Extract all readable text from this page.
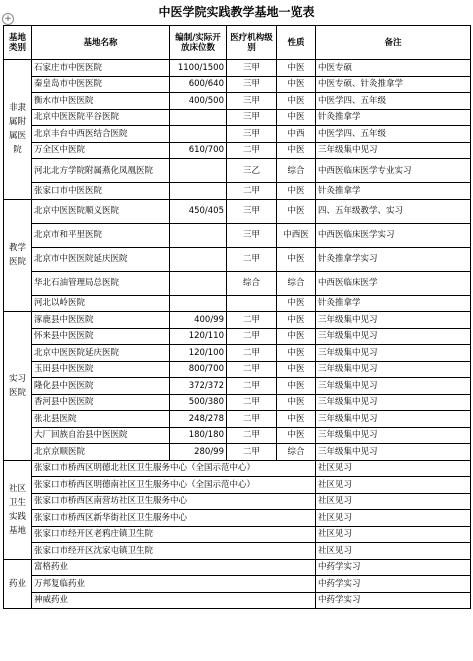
中医学院实践教学基地一览表
+
基地类别	基地名称	编制/实际开放床位数	医疗机构级别	性质	备注
非隶属附属医院	石家庄市中医医院	1100/1500	三甲	中医	中医专硕
	秦皇岛市中医医院	600/640	三甲	中医	中医专硕、针灸推拿学
	衡水市中医医院	400/500	三甲	中医	中医学四、五年级
	北京中医医院平谷医院		三甲	中医	针灸推拿学
	北京丰台中西医结合医院		三甲	中西	中医学四、五年级
	万全区中医院	610/700	二甲	中医	三年级集中见习
	河北北方学院附属燕化凤凰医院		三乙	综合	中西医临床医学专业实习
	张家口市中医医院		二甲	中医	针灸推拿学
教学医院	北京中医医院顺义医院	450/405	三甲	中医	四、五年级教学、实习
	北京市和平里医院		三甲	中西医	中西医临床医学实习
	北京市中医医院延庆医院		二甲	中医	针灸推拿学实习
	华北石油管理局总医院		综合	综合	中西医临床医学
	河北以岭医院			中医	针灸推拿学
实习医院	涿鹿县中医医院	400/99	二甲	中医	三年级集中见习
	怀来县中医医院	120/110	二甲	中医	三年级集中见习
	北京中医医院延庆医院	120/100	二甲	中医	三年级集中见习
	玉田县中医医院	800/700	二甲	中医	三年级集中见习
	隆化县中医医院	372/372	二甲	中医	三年级集中见习
	香河县中医医院	500/380	二甲	中医	三年级集中见习
	张北县医院	248/278	二甲	中医	三年级集中见习
	大厂回族自治县中医医院	180/180	二甲	中医	三年级集中见习
	北京京顺医院	280/99	二甲	综合	三年级集中见习
社区卫生实践基地	张家口市桥西区明德北社区卫生服务中心（全国示范中心）				社区见习
	张家口市桥西区明德南社区卫生服务中心（全国示范中心）				社区见习
	张家口市桥西区南营坊社区卫生服务中心				社区见习
	张家口市桥西区新华街社区卫生服务中心				社区见习
	张家口市经开区老鸦庄镇卫生院				社区见习
	张家口市经开区沈家屯镇卫生院				社区见习
药业	富格药业				中药学实习
	万邦复临药业				中药学实习
	神威药业				中药学实习
